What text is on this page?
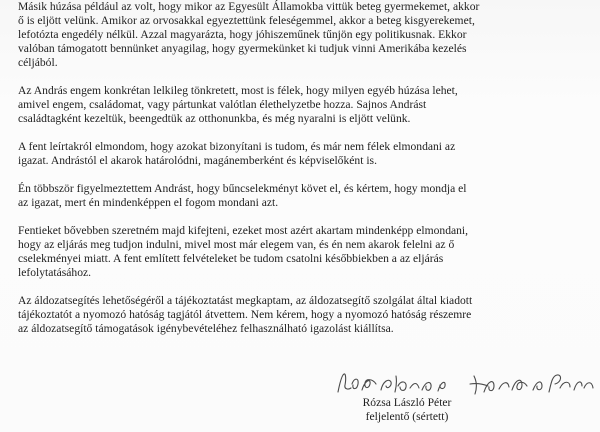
Másik húzása például az volt, hogy mikor az Egyesült Államokba vittük beteg gyermekemet, akkor
ő is eljött velünk. Amikor az orvosakkal egyeztettünk feleségemmel, akkor a beteg kisgyerekemet,
lefotózta engedély nélkül. Azzal magyarázta, hogy jóhiszeműnek tűnjön egy politikusnak. Ekkor
valóban támogatott bennünket anyagilag, hogy gyermekünket ki tudjuk vinni Amerikába kezelés
céljából.
Az András engem konkrétan lelkileg tönkretett, most is félek, hogy milyen egyéb húzása lehet,
amivel engem, családomat, vagy pártunkat valótlan élethelyzetbe hozza. Sajnos Andrást
családtagként kezeltük, beengedtük az otthonunkba, és még nyaralni is eljött velünk.
A fent leírtakról elmondom, hogy azokat bizonyítani is tudom, és már nem félek elmondani az
igazat. Andrástól el akarok határolódni, magánemberként és képviselőként is.
Én többször figyelmeztettem Andrást, hogy bűncselekményt követ el, és kértem, hogy mondja el
az igazat, mert én mindenképpen el fogom mondani azt.
Fentieket bővebben szeretném majd kifejteni, ezeket most azért akartam mindenképp elmondani,
hogy az eljárás meg tudjon indulni, mivel most már elegem van, és én nem akarok felelni az ő
cselekményei miatt. A fent említett felvételeket be tudom csatolni későbbiekben a az eljárás
lefolytatásához.
Az áldozatsegítés lehetőségéről a tájékoztatást megkaptam, az áldozatsegítő szolgálat által kiadott
tájékoztatót a nyomozó hatóság tagjától átvettem. Nem kérem, hogy a nyomozó hatóság részemre
az áldozatsegítő támogatások igénybevételéhez felhasználható igazolást kiállítsa.
Rózsa László Péter
feljelentő (sértett)
